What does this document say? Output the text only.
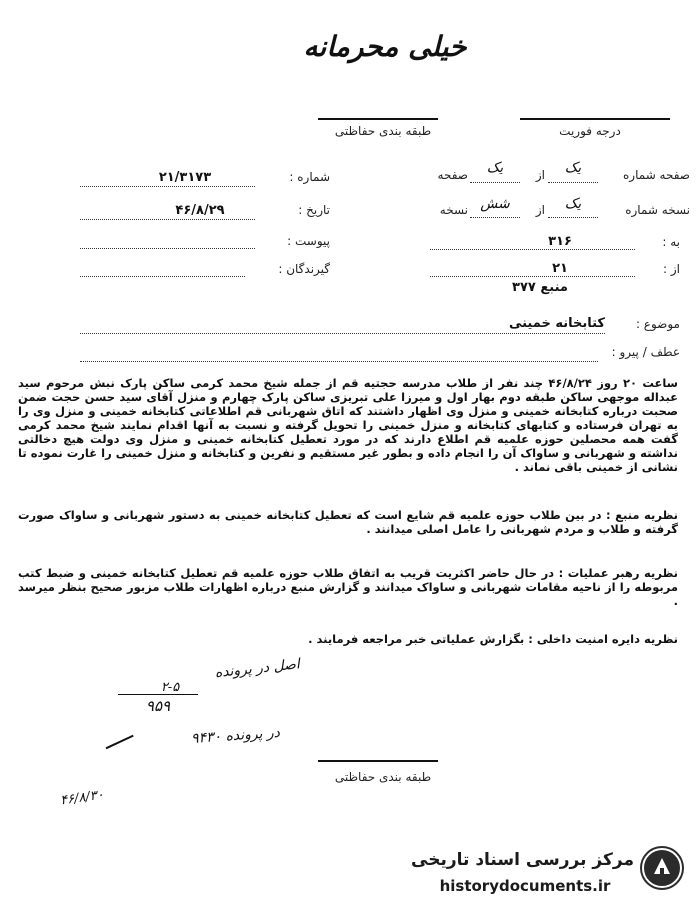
خیلی محرمانه
درجه فوریت
طبقه بندی حفاظتی
صفحه شماره
یک
از
یک
صفحه
نسخه شماره
یک
از
شش
نسخه
به :
۳۱۶
از :
۲۱
منبع ۳۷۷
شماره :
۲۱/۳۱۷۳
تاریخ :
۴۶/۸/۲۹
پیوست :
گیرندگان :
موضوع :
کتابخانه خمینی
عطف / پیرو :
ساعت ۲۰ روز ۴۶/۸/۲۴ چند نفر از طلاب مدرسه حجتیه قم از جمله شیخ محمد کرمی ساکن پارک نبش مرحوم سید عبداله موجهی ساکن طبقه دوم بهار اول و میرزا علی تبریزی ساکن پارک چهارم و منزل آقای سید حسن حجت ضمن صحبت درباره کتابخانه خمینی و منزل وی اظهار داشتند که اتاق شهربانی قم اطلاعاتی کتابخانه خمینی و منزل وی را به تهران فرستاده و کتابهای کتابخانه و منزل خمینی را تحویل گرفته و نسبت به آنها اقدام نمایند شیخ محمد کرمی گفت همه محصلین حوزه علمیه قم اطلاع دارند که در مورد تعطیل کتابخانه خمینی و منزل وی دولت هیچ دخالتی نداشته و شهربانی و ساواک آن را انجام داده و بطور غیر مستقیم و نفرین و کتابخانه و منزل خمینی را غارت نموده تا نشانی از خمینی باقی نماند .
نظریه منبع : در بین طلاب حوزه علمیه قم شایع است که تعطیل کتابخانه خمینی به دستور شهربانی و ساواک صورت گرفته و طلاب و مردم شهربانی را عامل اصلی میدانند .
نظریه رهبر عملیات : در حال حاضر اکثریت قریب به اتفاق طلاب حوزه علمیه قم تعطیل کتابخانه خمینی و ضبط کتب مربوطه را از ناحیه مقامات شهربانی و ساواک میدانند و گزارش منبع درباره اظهارات طلاب مزبور صحیح بنظر میرسد .
نظریه دایره امنیت داخلی : بگزارش عملیاتی خبر مراجعه فرمایند .
اصل در پرونده
۲-۵
۹۵۹
در پرونده ۹۴۳۰
۴۶/۸/۳۰
طبقه بندی حفاظتی
مرکز بررسی اسناد تاریخی
historydocuments.ir
